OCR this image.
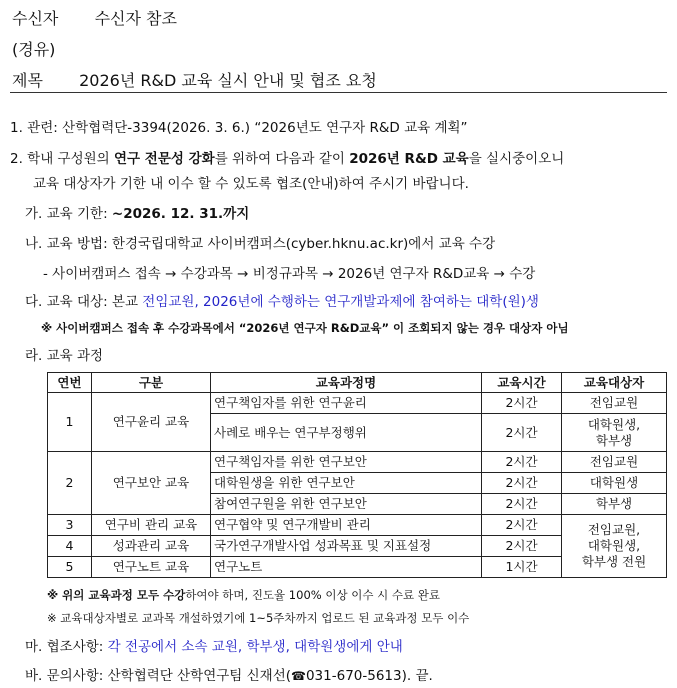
수신자 수신자 참조
(경유)
제목 2026년 R&D 교육 실시 안내 및 협조 요청
1. 관련: 산학협력단-3394(2026. 3. 6.) “2026년도 연구자 R&D 교육 계획”
2. 학내 구성원의 연구 전문성 강화를 위하여 다음과 같이 2026년 R&D 교육을 실시중이오니
교육 대상자가 기한 내 이수 할 수 있도록 협조(안내)하여 주시기 바랍니다.
가. 교육 기한: ~2026. 12. 31.까지
나. 교육 방법: 한경국립대학교 사이버캠퍼스(cyber.hknu.ac.kr)에서 교육 수강
- 사이버캠퍼스 접속 → 수강과목 → 비정규과목 → 2026년 연구자 R&D교육 → 수강
다. 교육 대상: 본교 전임교원, 2026년에 수행하는 연구개발과제에 참여하는 대학(원)생
※ 사이버캠퍼스 접속 후 수강과목에서 “2026년 연구자 R&D교육” 이 조회되지 않는 경우 대상자 아님
라. 교육 과정
연번	구분	교육과정명	교육시간	교육대상자
1	연구윤리 교육	연구책임자를 위한 연구윤리	2시간	전임교원
		사례로 배우는 연구부정행위	2시간	대학원생,
학부생

2	연구보안 교육	연구책임자를 위한 연구보안	2시간	전임교원
		대학원생을 위한 연구보안	2시간	대학원생
		참여연구원을 위한 연구보안	2시간	학부생
3	연구비 관리 교육	연구협약 및 연구개발비 관리	2시간	전임교원,
대학원생,
학부생 전원

4	성과관리 교육	국가연구개발사업 성과목표 및 지표설정	2시간	
5	연구노트 교육	연구노트	1시간	
※ 위의 교육과정 모두 수강하여야 하며, 진도율 100% 이상 이수 시 수료 완료
※ 교육대상자별로 교과목 개설하였기에 1~5주차까지 업로드 된 교육과정 모두 이수
마. 협조사항: 각 전공에서 소속 교원, 학부생, 대학원생에게 안내
바. 문의사항: 산학협력단 산학연구팀 신재선(☎031-670-5613). 끝.
